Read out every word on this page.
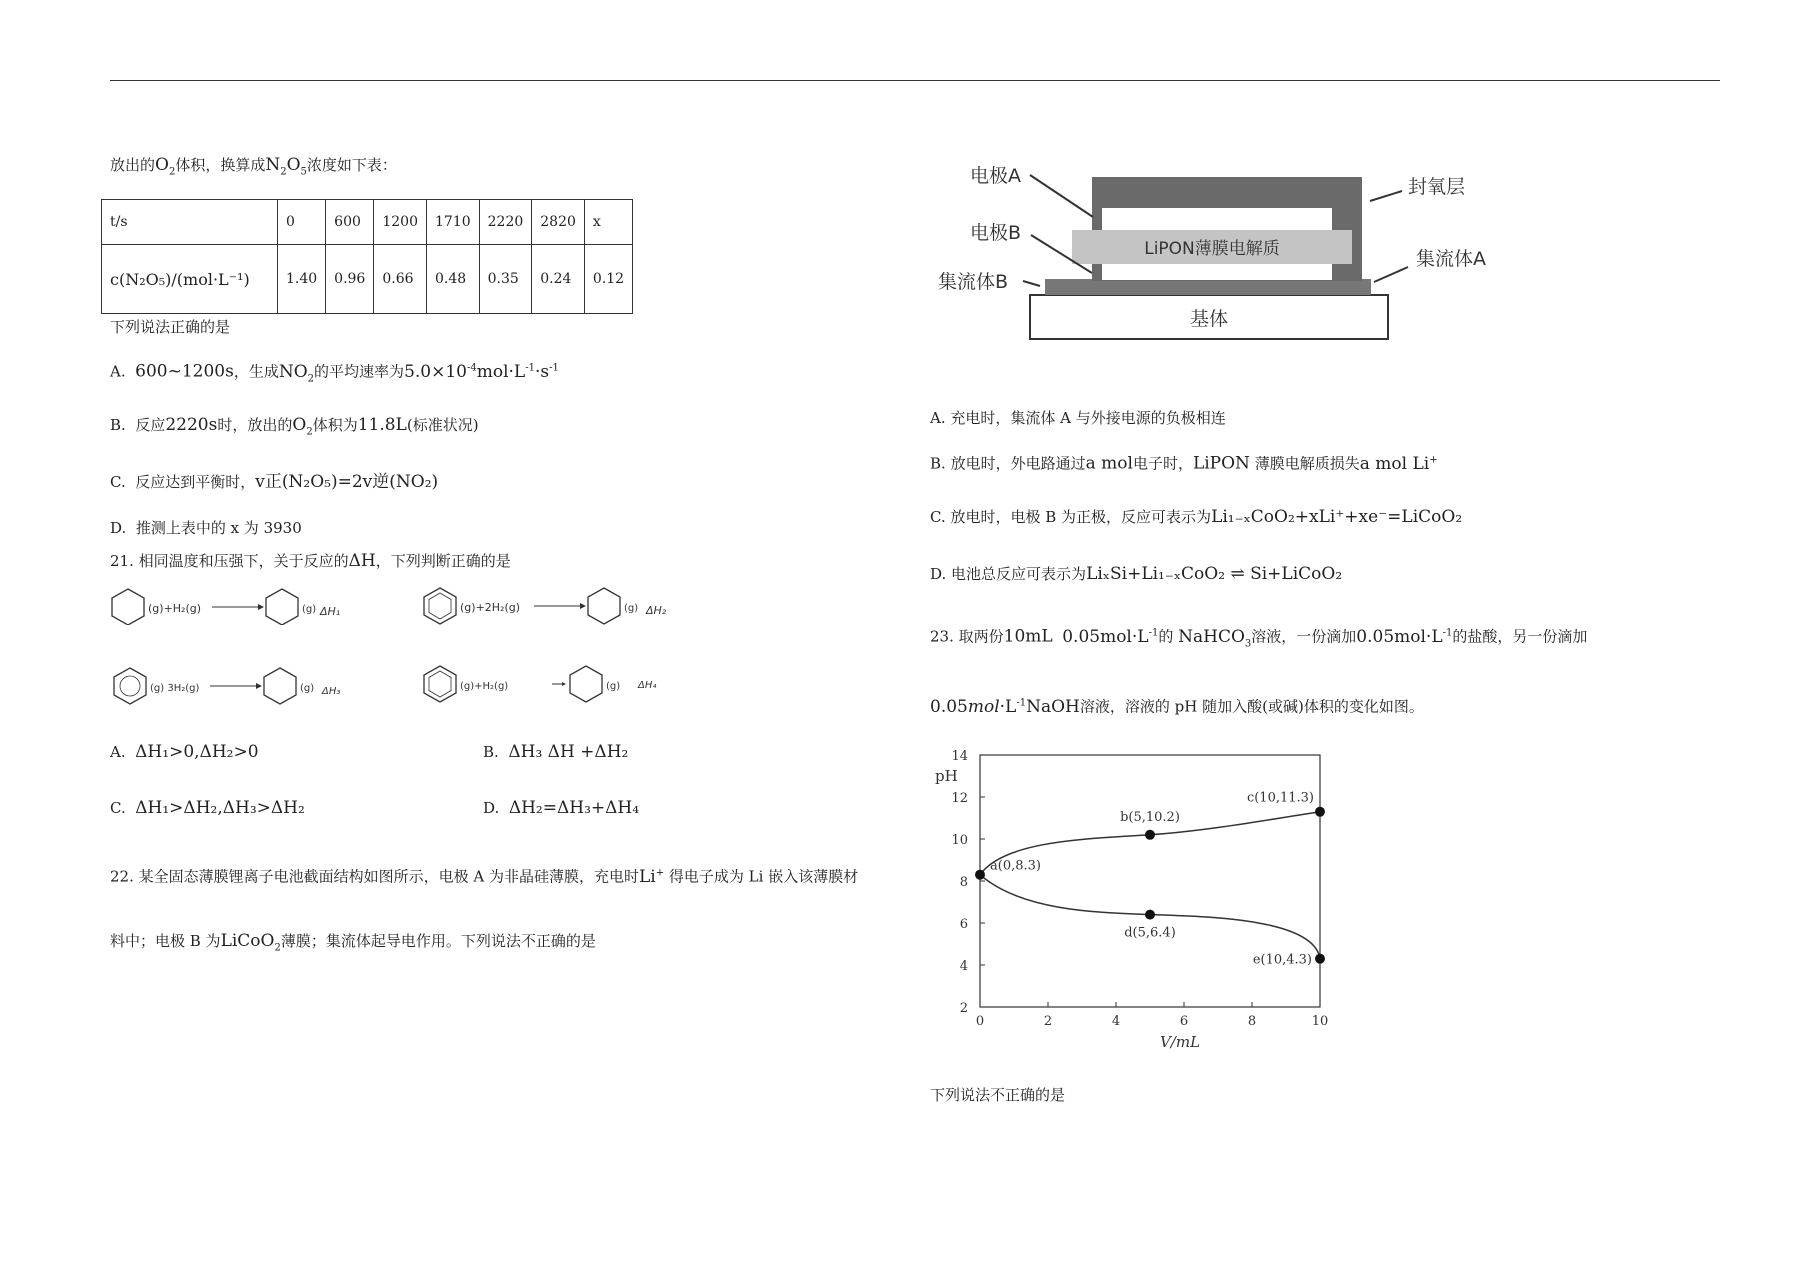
放出的$O_2$体积，换算成$N_2O_5$浓度如下表：
t/s	0	600	1200	1710	2220	2820	x
c(N₂O₅)/(mol·L⁻¹)	1.40	0.96	0.66	0.48	0.35	0.24	0.12
下列说法正确的是
A. 600~1200s，生成$NO_2$的平均速率为$5.0\times 10^{-4}mol\cdot L^{-1}\cdot s^{-1}$
B. 反应2220s时，放出的$O_2$体积为11.8L(标准状况)
C. 反应达到平衡时，v正(N₂O₅)=2v逆(NO₂)
D. 推测上表中的 x 为 3930
21. 相同温度和压强下，关于反应的ΔH，下列判断正确的是
(g)+H₂(g)	(g) ΔH₁	(g)+2H₂(g)	(g) ΔH₂
(g) 3H₂(g)	(g) ΔH₃	(g)+H₂(g)	(g) ΔH₄
A. ΔH₁>0,ΔH₂>0	B. ΔH₃ ΔH +ΔH₂
C. ΔH₁>ΔH₂,ΔH₃>ΔH₂	D. ΔH₂=ΔH₃+ΔH₄
22. 某全固态薄膜锂离子电池截面结构如图所示，电极 A 为非晶硅薄膜，充电时Li+ 得电子成为 Li 嵌入该薄膜材
料中；电极 B 为LiCoO$_2$薄膜；集流体起导电作用。下列说法不正确的是
基体
LiPON薄膜电解质
电极A
电极B
集流体B
封氧层
集流体A
A. 充电时，集流体 A 与外接电源的负极相连
B. 放电时，外电路通过a mol电子时，LiPON 薄膜电解质损失a mol Li+
C. 放电时，电极 B 为正极，反应可表示为Li₁₋ₓCoO₂+xLi⁺+xe⁻=LiCoO₂
D. 电池总反应可表示为LiₓSi+Li₁₋ₓCoO₂ ⇌ Si+LiCoO₂
23. 取两份10mL $0.05mol\cdot L^{-1}$的 NaHCO$_3$溶液，一份滴加$0.05mol\cdot L^{-1}$的盐酸，另一份滴加
$0.05mol\cdot L^{-1}NaOH$溶液，溶液的 pH 随加入酸(或碱)体积的变化如图。
0	2	4	6	8	10
2
4
6
8
10
12
14
pH
V/mL
a(0,8.3)
b(5,10.2)
c(10,11.3)
d(5,6.4)
e(10,4.3)
下列说法不正确的是
